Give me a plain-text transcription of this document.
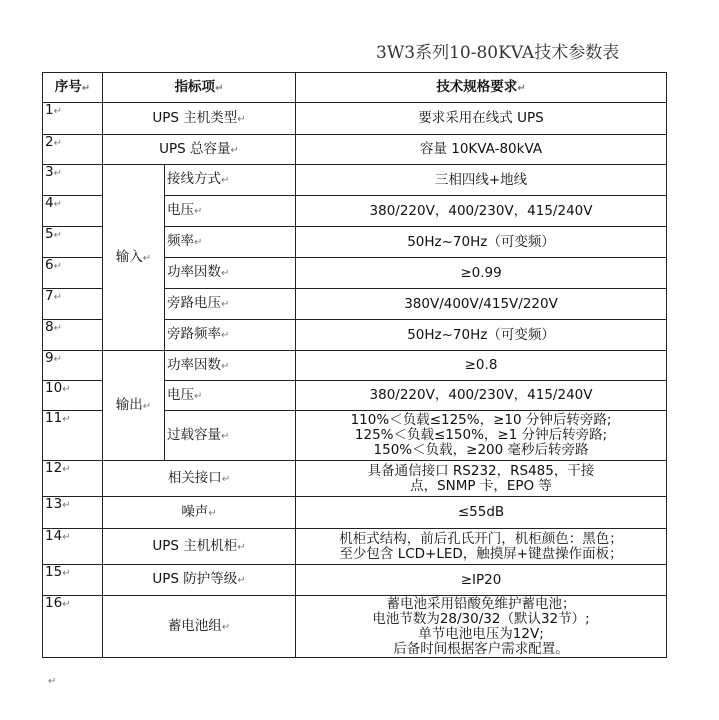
3W3系列10-80KVA技术参数表
序号↵	指标项↵		技术规格要求↵
1↵	UPS 主机类型↵		要求采用在线式 UPS

2↵	UPS 总容量↵		容量 10KVA-80kVA

3↵	输入↵	接线方式↵	三相四线+地线

4↵		电压↵	380/220V，400/230V，415/240V

5↵		频率↵	50Hz~70Hz（可变频）

6↵		功率因数↵	≥0.99

7↵		旁路电压↵	380V/400V/415V/220V

8↵		旁路频率↵	50Hz~70Hz（可变频）

9↵	输出↵	功率因数↵	≥0.8

10↵		电压↵	380/220V，400/230V，415/240V

11↵		过载容量↵	110%＜负载≤125%，≥10 分钟后转旁路;
125%＜负载≤150%，≥1 分钟后转旁路;
150%＜负载，≥200 毫秒后转旁路

12↵	相关接口↵		具备通信接口 RS232，RS485，干接
点，SNMP 卡，EPO 等

13↵	噪声↵		≤55dB

14↵	UPS 主机机柜↵		机柜式结构，前后孔氏开门，机柜颜色：黑色；
至少包含 LCD+LED，触摸屏+键盘操作面板；

15↵	UPS 防护等级↵		≥IP20

16↵	蓄电池组↵		蓄电池采用铅酸免维护蓄电池；
电池节数为28/30/32（默认32节）;
单节电池电压为12V;
后备时间根据客户需求配置。
↵
